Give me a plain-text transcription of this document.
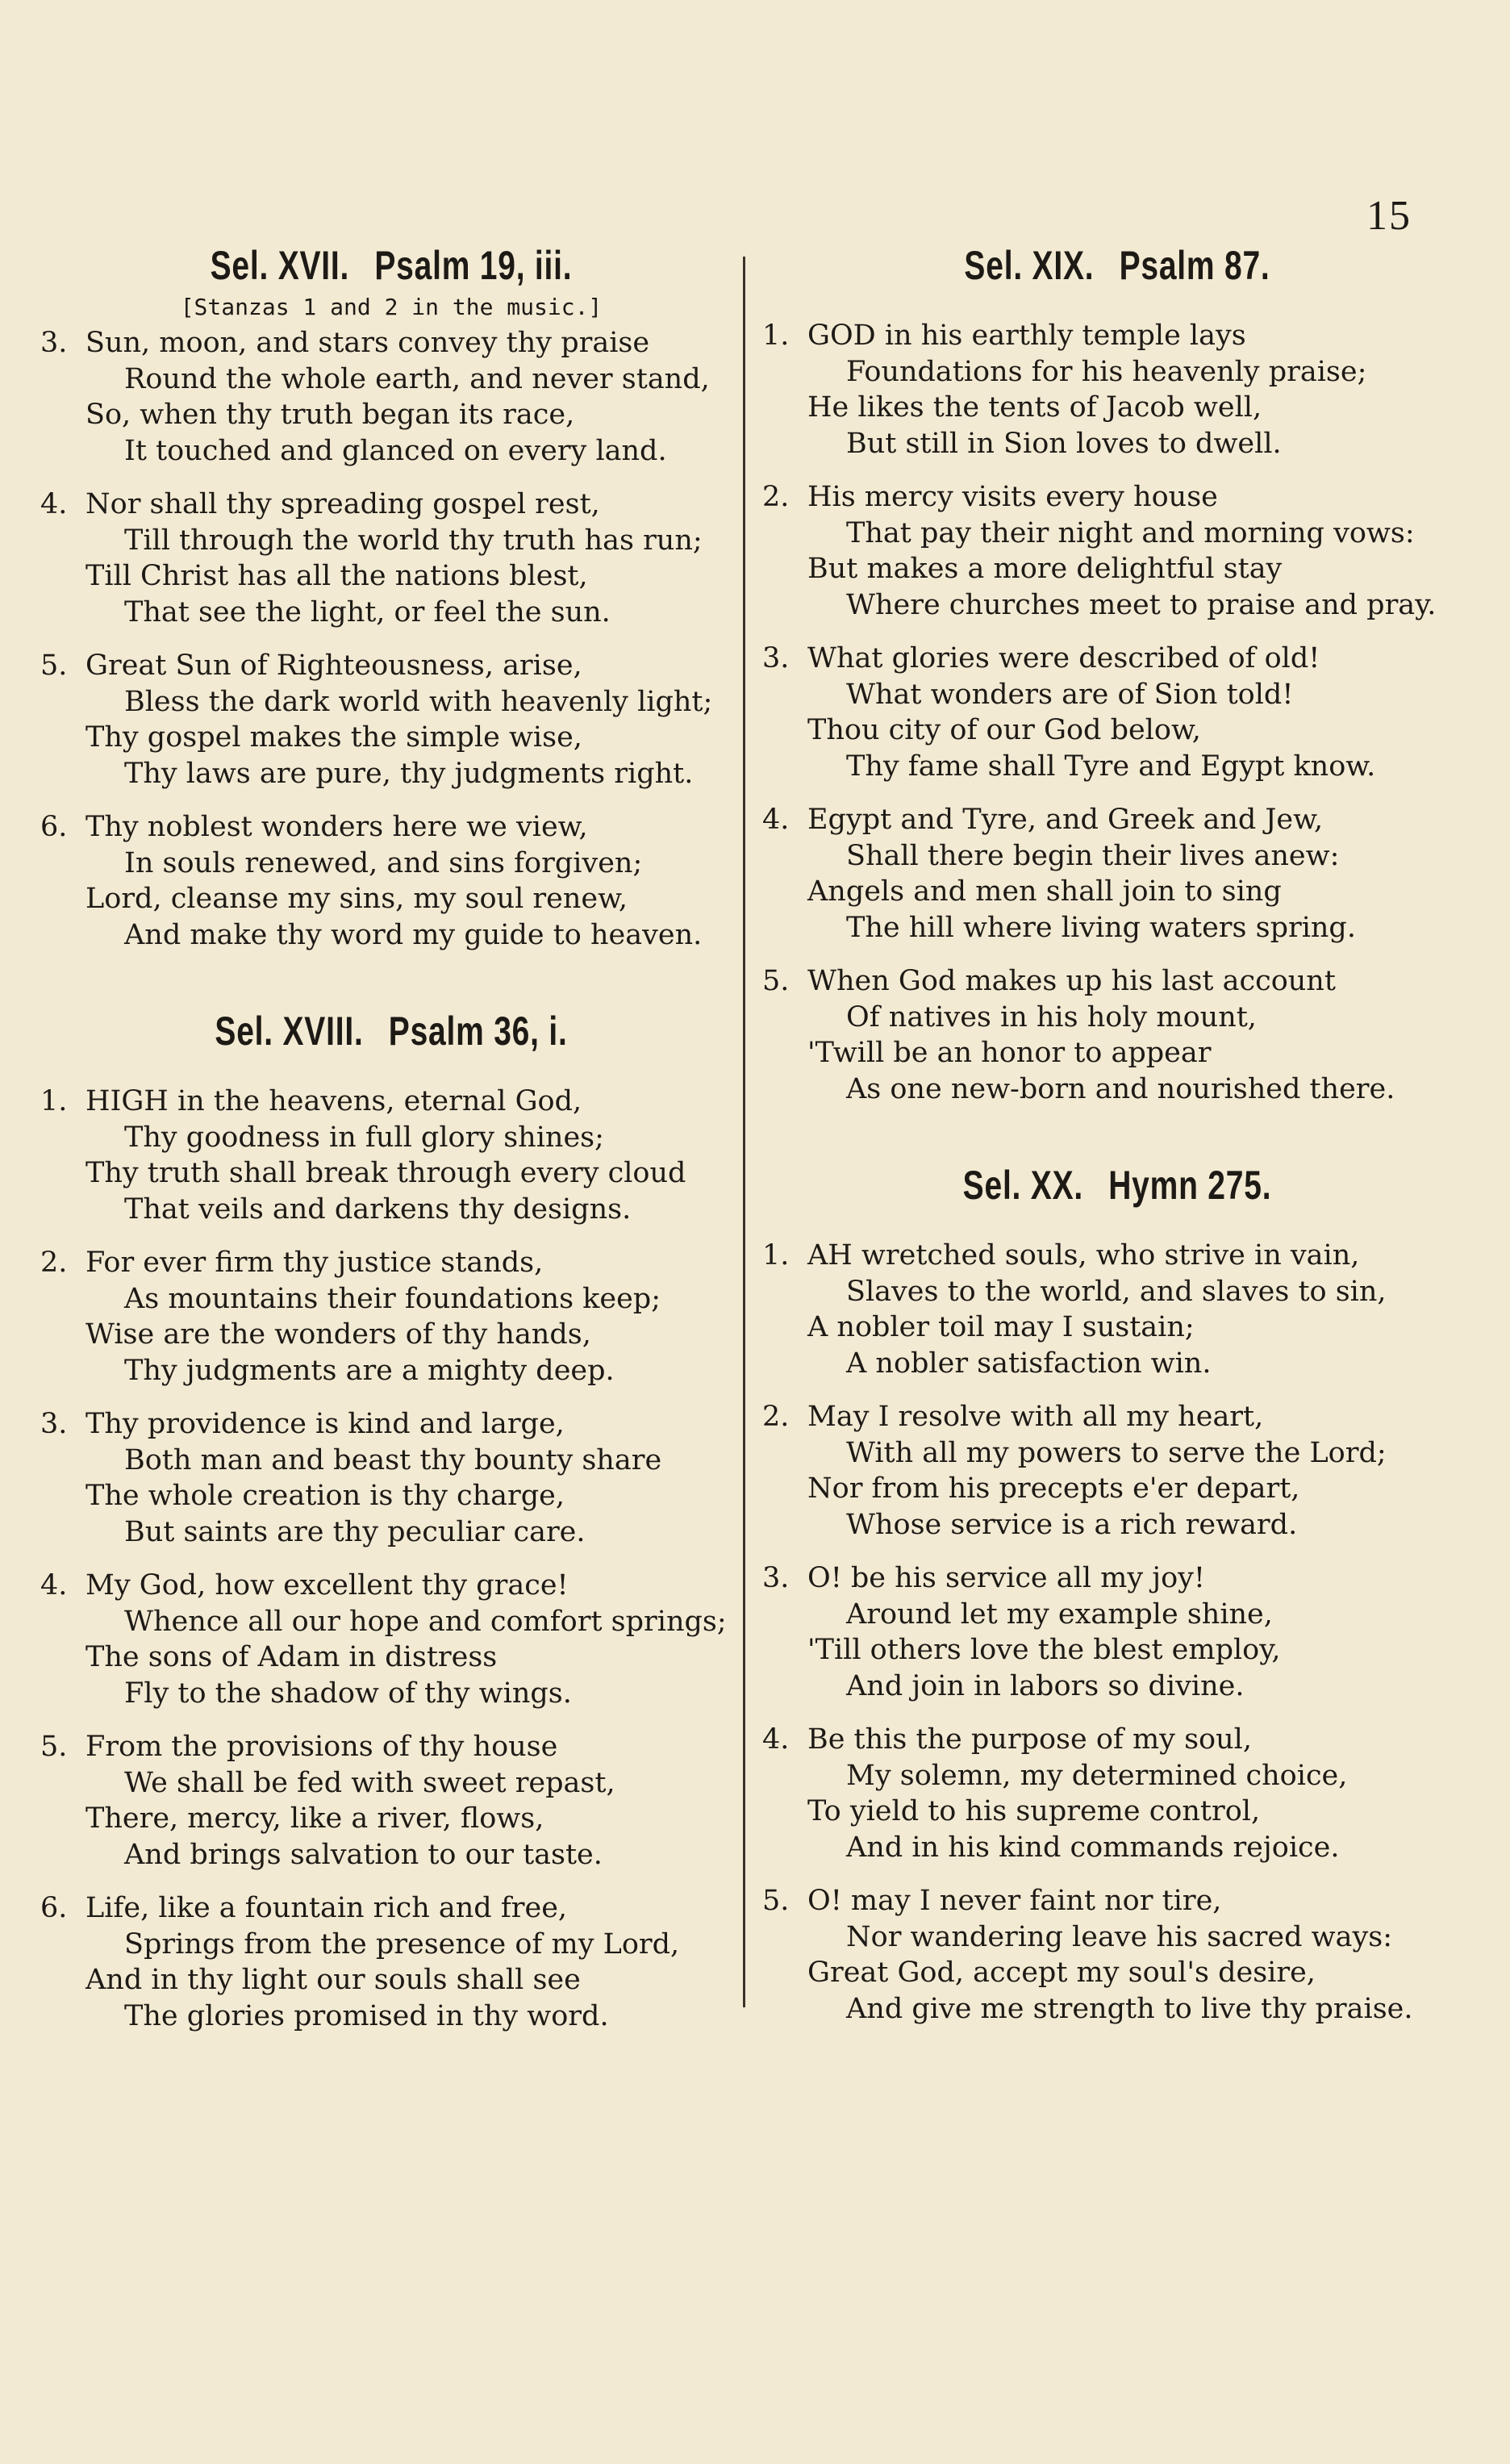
15
Sel. XVII. Psalm 19, iii.
[Stanzas 1 and 2 in the music.]
3. Sun, moon, and stars convey thy praise
Round the whole earth, and never stand,
So, when thy truth began its race,
It touched and glanced on every land.
4. Nor shall thy spreading gospel rest,
Till through the world thy truth has run;
Till Christ has all the nations blest,
That see the light, or feel the sun.
5. Great Sun of Righteousness, arise,
Bless the dark world with heavenly light;
Thy gospel makes the simple wise,
Thy laws are pure, thy judgments right.
6. Thy noblest wonders here we view,
In souls renewed, and sins forgiven;
Lord, cleanse my sins, my soul renew,
And make thy word my guide to heaven.
Sel. XVIII. Psalm 36, i.
1. HIGH in the heavens, eternal God,
Thy goodness in full glory shines;
Thy truth shall break through every cloud
That veils and darkens thy designs.
2. For ever firm thy justice stands,
As mountains their foundations keep;
Wise are the wonders of thy hands,
Thy judgments are a mighty deep.
3. Thy providence is kind and large,
Both man and beast thy bounty share
The whole creation is thy charge,
But saints are thy peculiar care.
4. My God, how excellent thy grace!
Whence all our hope and comfort springs;
The sons of Adam in distress
Fly to the shadow of thy wings.
5. From the provisions of thy house
We shall be fed with sweet repast,
There, mercy, like a river, flows,
And brings salvation to our taste.
6. Life, like a fountain rich and free,
Springs from the presence of my Lord,
And in thy light our souls shall see
The glories promised in thy word.
Sel. XIX. Psalm 87.
1. GOD in his earthly temple lays
Foundations for his heavenly praise;
He likes the tents of Jacob well,
But still in Sion loves to dwell.
2. His mercy visits every house
That pay their night and morning vows:
But makes a more delightful stay
Where churches meet to praise and pray.
3. What glories were described of old!
What wonders are of Sion told!
Thou city of our God below,
Thy fame shall Tyre and Egypt know.
4. Egypt and Tyre, and Greek and Jew,
Shall there begin their lives anew:
Angels and men shall join to sing
The hill where living waters spring.
5. When God makes up his last account
Of natives in his holy mount,
'Twill be an honor to appear
As one new-born and nourished there.
Sel. XX. Hymn 275.
1. AH wretched souls, who strive in vain,
Slaves to the world, and slaves to sin,
A nobler toil may I sustain;
A nobler satisfaction win.
2. May I resolve with all my heart,
With all my powers to serve the Lord;
Nor from his precepts e'er depart,
Whose service is a rich reward.
3. O! be his service all my joy!
Around let my example shine,
'Till others love the blest employ,
And join in labors so divine.
4. Be this the purpose of my soul,
My solemn, my determined choice,
To yield to his supreme control,
And in his kind commands rejoice.
5. O! may I never faint nor tire,
Nor wandering leave his sacred ways:
Great God, accept my soul's desire,
And give me strength to live thy praise.
